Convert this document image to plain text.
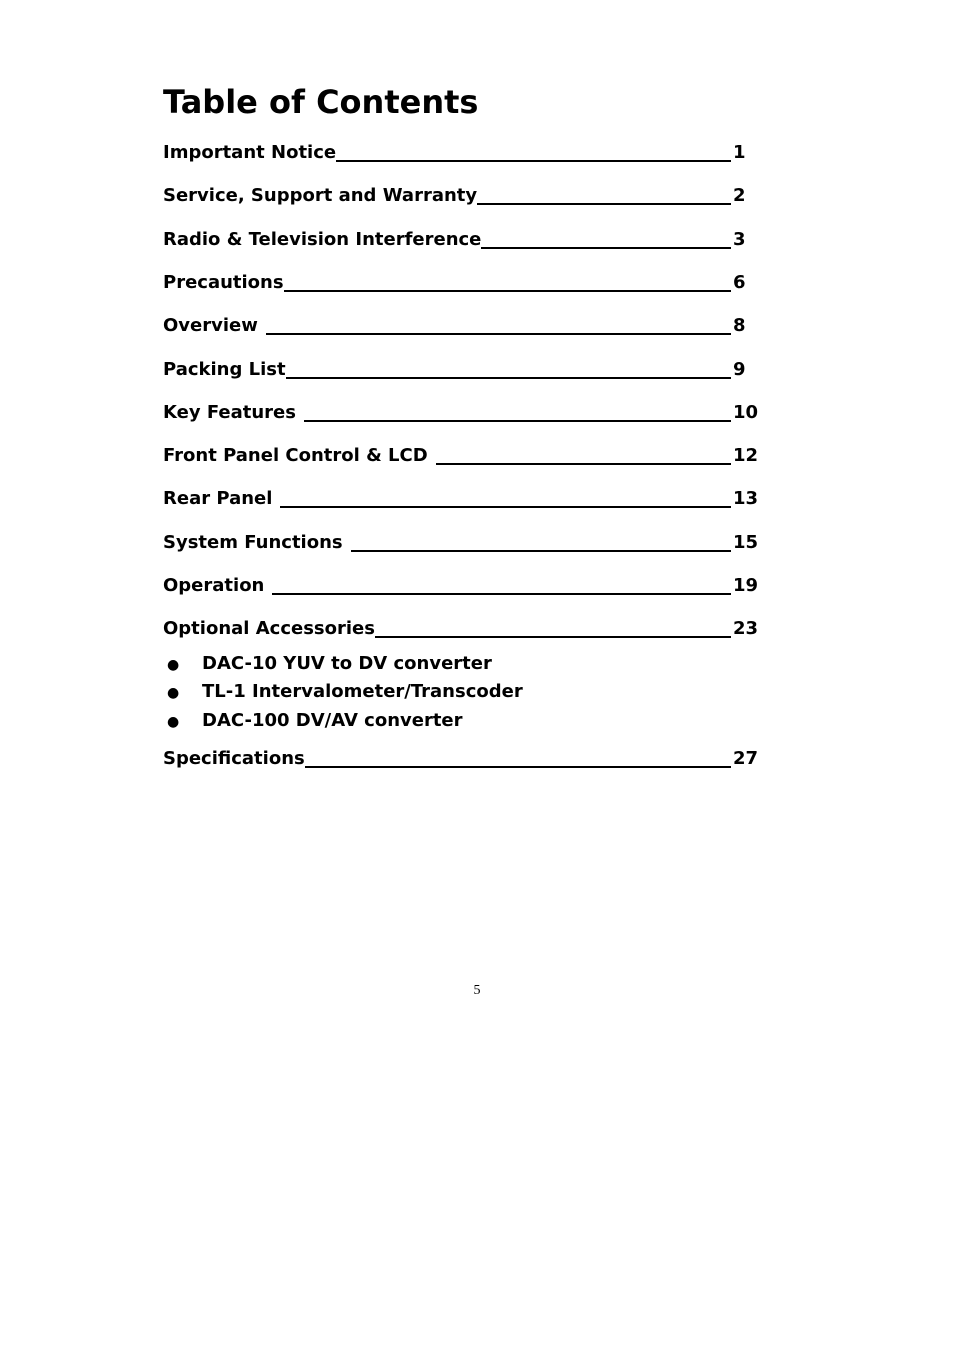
Table of Contents
Important Notice	1
Service, Support and Warranty	2
Radio & Television Interference	3
Precautions	6
Overview	8
Packing List	9
Key Features	10
Front Panel Control & LCD	12
Rear Panel	13
System Functions	15
Operation	19
Optional Accessories	23
● DAC-10 YUV to DV converter
● TL-1 Intervalometer/Transcoder
● DAC-100 DV/AV converter
Specifications	27
5
